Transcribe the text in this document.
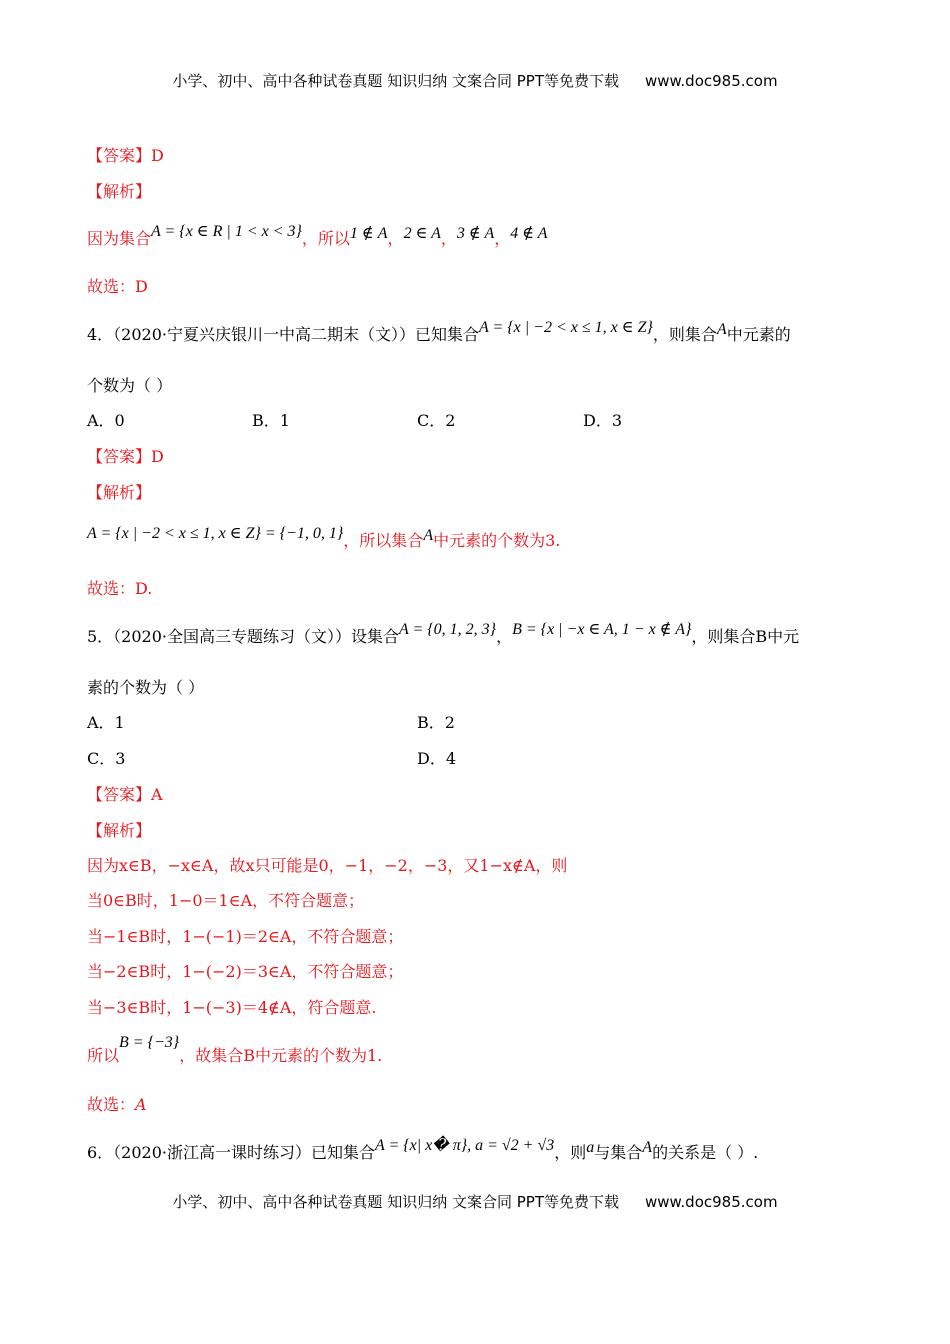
小学、初中、高中各种试卷真题 知识归纳 文案合同 PPT等免费下载 www.doc985.com
【答案】D
【解析】
因为集合A = {x ∈ R | 1 < x < 3}，所以1 ∉ A，2 ∈ A，3 ∉ A，4 ∉ A
故选：D
4．（2020·宁夏兴庆银川一中高二期末（文））已知集合A = {x | −2 < x ≤ 1, x ∈ Z}，则集合A中元素的
个数为（ ）
A．0	B．1	C．2	D．3
【答案】D
【解析】
A = {x | −2 < x ≤ 1, x ∈ Z} = {−1, 0, 1}，所以集合A中元素的个数为3.
故选：D.
5．（2020·全国高三专题练习（文））设集合A = {0, 1, 2, 3}，B = {x | −x ∈ A, 1 − x ∉ A}，则集合B中元
素的个数为（ ）
A．1	B．2
C．3	D．4
【答案】A
【解析】
因为x∈B，−x∈A，故x只可能是0，−1，−2，−3，又1−x∉A，则
当0∈B时，1−0＝1∈A，不符合题意；
当−1∈B时，1−(−1)＝2∈A，不符合题意；
当−2∈B时，1−(−2)＝3∈A，不符合题意；
当−3∈B时，1−(−3)＝4∉A，符合题意.
所以B = {−3}，故集合B中元素的个数为1.
故选：A
6．（2020·浙江高一课时练习）已知集合A = {x| x� π}, a = √2 + √3，则a与集合A的关系是（ ）.
小学、初中、高中各种试卷真题 知识归纳 文案合同 PPT等免费下载 www.doc985.com
